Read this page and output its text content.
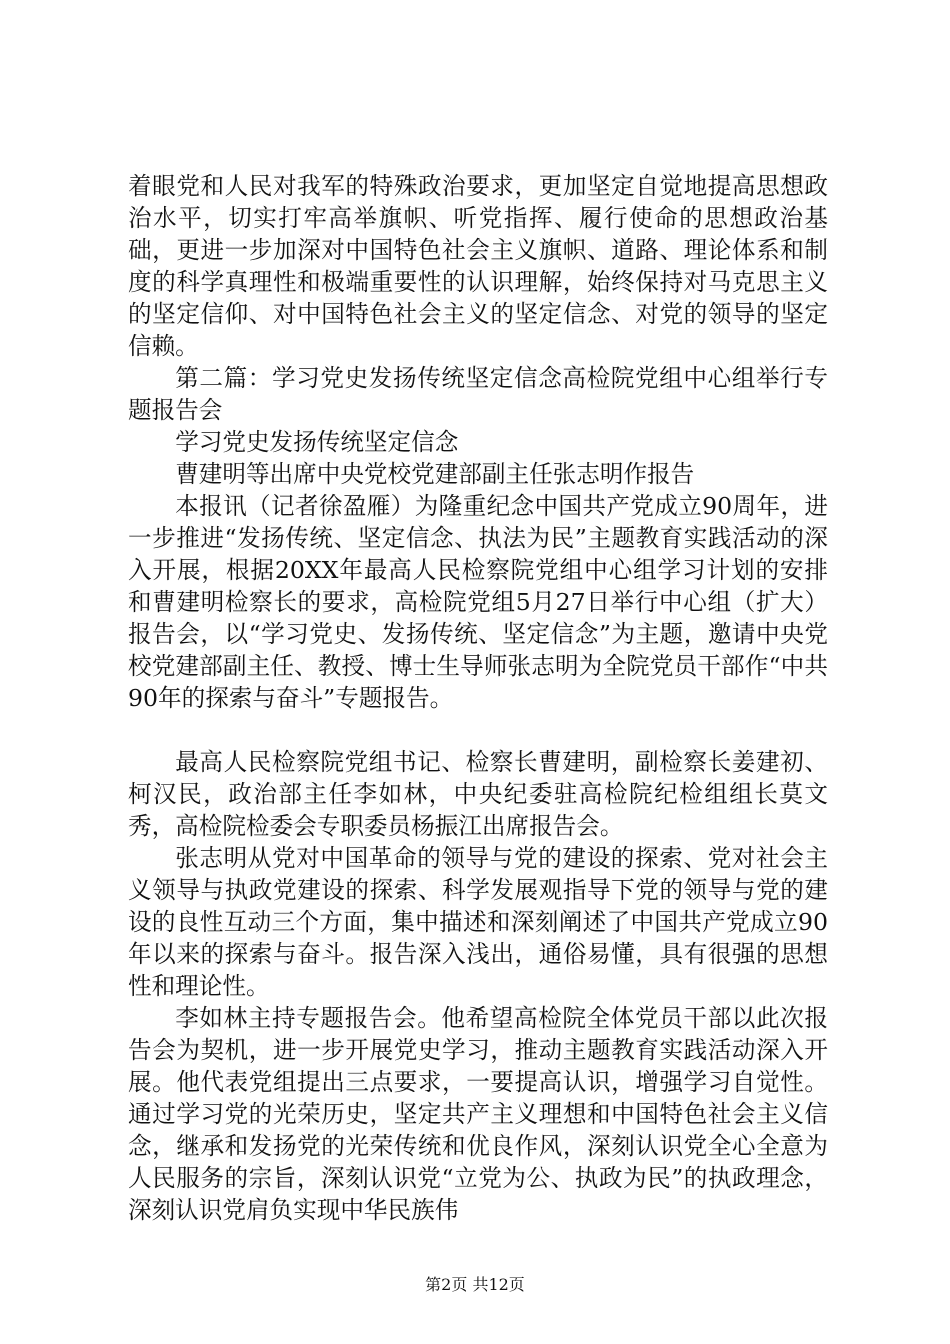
着眼党和人民对我军的特殊政治要求，更加坚定自觉地提高思想政治水平，切实打牢高举旗帜、听党指挥、履行使命的思想政治基础，更进一步加深对中国特色社会主义旗帜、道路、理论体系和制度的科学真理性和极端重要性的认识理解，始终保持对马克思主义的坚定信仰、对中国特色社会主义的坚定信念、对党的领导的坚定信赖。

第二篇：学习党史发扬传统坚定信念高检院党组中心组举行专题报告会

学习党史发扬传统坚定信念

曹建明等出席中央党校党建部副主任张志明作报告

本报讯（记者徐盈雁）为隆重纪念中国共产党成立90周年，进一步推进“发扬传统、坚定信念、执法为民”主题教育实践活动的深入开展，根据20XX年最高人民检察院党组中心组学习计划的安排和曹建明检察长的要求，高检院党组5月27日举行中心组（扩大）报告会，以“学习党史、发扬传统、坚定信念”为主题，邀请中央党校党建部副主任、教授、博士生导师张志明为全院党员干部作“中共90年的探索与奋斗”专题报告。

最高人民检察院党组书记、检察长曹建明，副检察长姜建初、柯汉民，政治部主任李如林，中央纪委驻高检院纪检组组长莫文秀，高检院检委会专职委员杨振江出席报告会。

张志明从党对中国革命的领导与党的建设的探索、党对社会主义领导与执政党建设的探索、科学发展观指导下党的领导与党的建设的良性互动三个方面，集中描述和深刻阐述了中国共产党成立90年以来的探索与奋斗。报告深入浅出，通俗易懂，具有很强的思想性和理论性。

李如林主持专题报告会。他希望高检院全体党员干部以此次报告会为契机，进一步开展党史学习，推动主题教育实践活动深入开展。他代表党组提出三点要求，一要提高认识，增强学习自觉性。通过学习党的光荣历史，坚定共产主义理想和中国特色社会主义信念，继承和发扬党的光荣传统和优良作风，深刻认识党全心全意为人民服务的宗旨，深刻认识党“立党为公、执政为民”的执政理念，深刻认识党肩负实现中华民族伟

第2页 共12页
